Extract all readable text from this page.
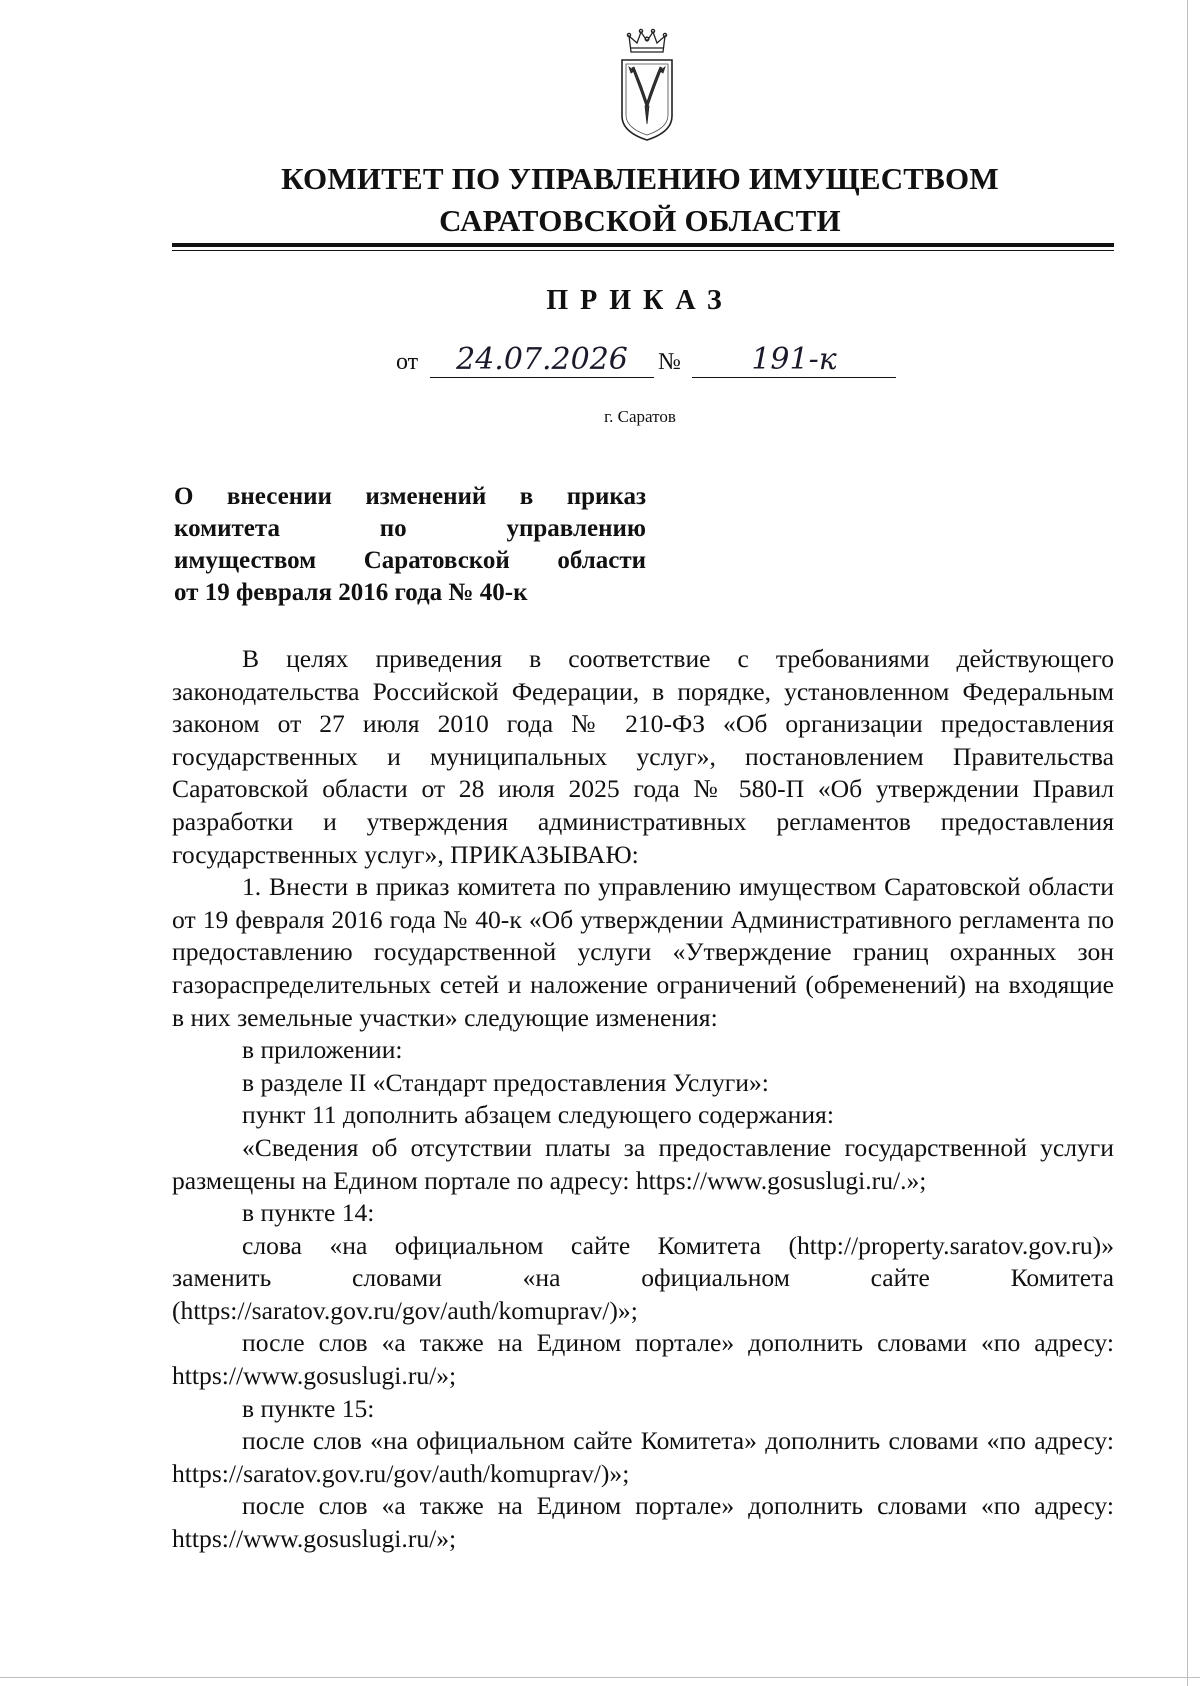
КОМИТЕТ ПО УПРАВЛЕНИЮ ИМУЩЕСТВОМ
САРАТОВСКОЙ ОБЛАСТИ
ПРИКАЗ
от	24.07.2026	№	191-к
г. Саратов
О внесении изменений в приказ
комитета по управлению
имуществом Саратовской области
от 19 февраля 2016 года № 40-к

В целях приведения в соответствие с требованиями действующего законодательства Российской Федерации, в порядке, установленном Федеральным законом от 27 июля 2010 года № 210-ФЗ «Об организации предоставления государственных и муниципальных услуг», постановлением Правительства Саратовской области от 28 июля 2025 года № 580-П «Об утверждении Правил разработки и утверждения административных регламентов предоставления государственных услуг», ПРИКАЗЫВАЮ:

1. Внести в приказ комитета по управлению имуществом Саратовской области от 19 февраля 2016 года № 40-к «Об утверждении Административного регламента по предоставлению государственной услуги «Утверждение границ охранных зон газораспределительных сетей и наложение ограничений (обременений) на входящие в них земельные участки» следующие изменения:

в приложении:

в разделе II «Стандарт предоставления Услуги»:

пункт 11 дополнить абзацем следующего содержания:

«Сведения об отсутствии платы за предоставление государственной услуги размещены на Едином портале по адресу: https://www.gosuslugi.ru/.»;

в пункте 14:

слова «на официальном сайте Комитета (http://property.saratov.gov.ru)» заменить словами «на официальном сайте Комитета (https://saratov.gov.ru/gov/auth/komuprav/)»;

после слов «а также на Едином портале» дополнить словами «по адресу: https://www.gosuslugi.ru/»;

в пункте 15:

после слов «на официальном сайте Комитета» дополнить словами «по адресу: https://saratov.gov.ru/gov/auth/komuprav/)»;

после слов «а также на Едином портале» дополнить словами «по адресу: https://www.gosuslugi.ru/»;
